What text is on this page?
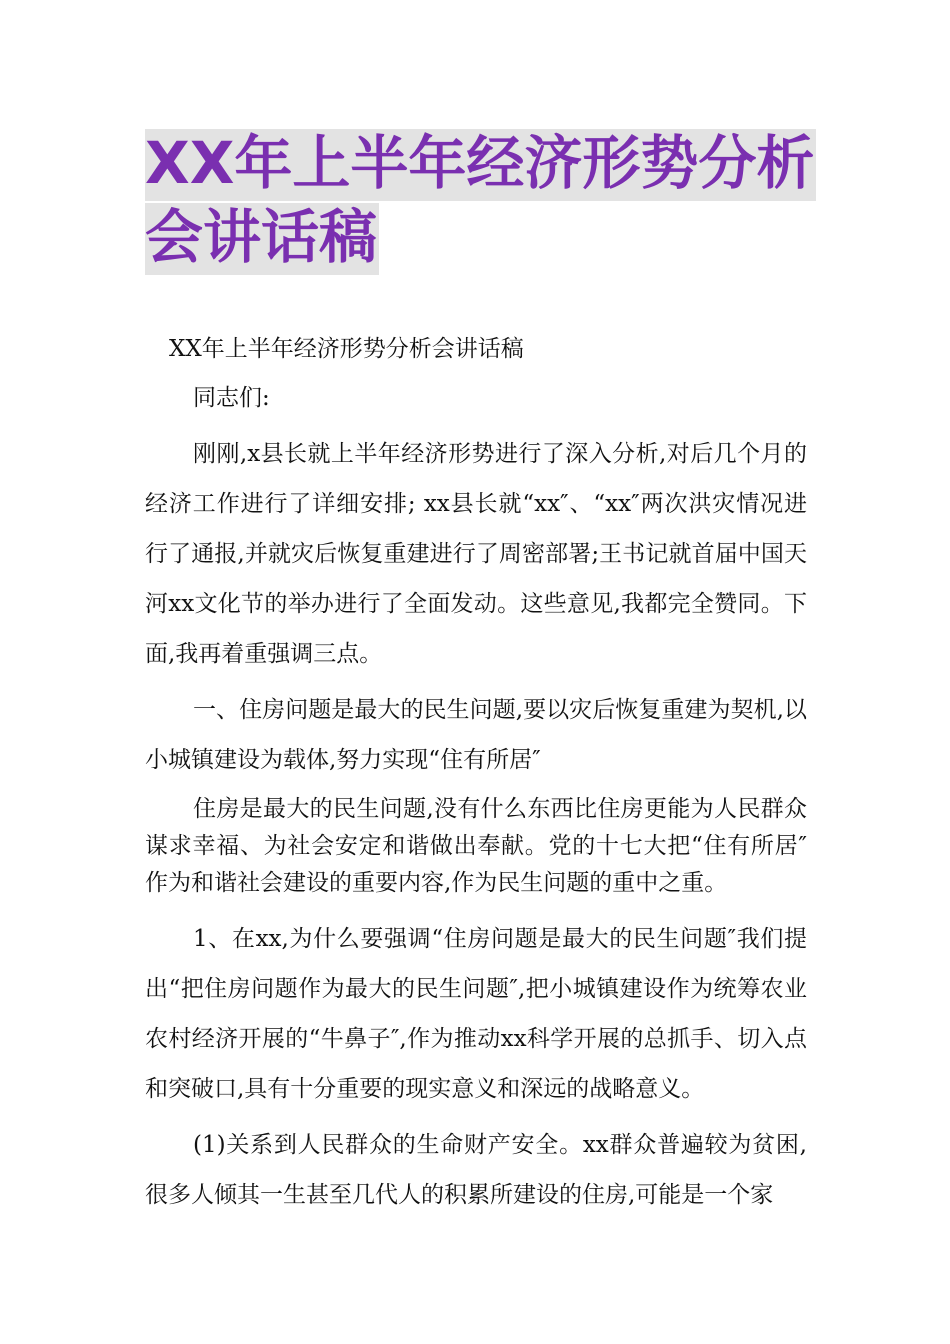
XX年上半年经济形势分析
会讲话稿

XX年上半年经济形势分析会讲话稿

同志们:

刚刚,x县长就上半年经济形势进行了深入分析,对后几个月的经济工作进行了详细安排; xx县长就“xx″、“xx″两次洪灾情况进行了通报,并就灾后恢复重建进行了周密部署;王书记就首届中国天河xx文化节的举办进行了全面发动。这些意见,我都完全赞同。下面,我再着重强调三点。

一、住房问题是最大的民生问题,要以灾后恢复重建为契机,以小城镇建设为载体,努力实现“住有所居″

住房是最大的民生问题,没有什么东西比住房更能为人民群众谋求幸福、为社会安定和谐做出奉献。党的十七大把“住有所居″作为和谐社会建设的重要内容,作为民生问题的重中之重。

1、在xx,为什么要强调“住房问题是最大的民生问题″我们提出“把住房问题作为最大的民生问题″,把小城镇建设作为统筹农业农村经济开展的“牛鼻子″,作为推动xx科学开展的总抓手、切入点和突破口,具有十分重要的现实意义和深远的战略意义。

(1)关系到人民群众的生命财产安全。xx群众普遍较为贫困,很多人倾其一生甚至几代人的积累所建设的住房,可能是一个家
